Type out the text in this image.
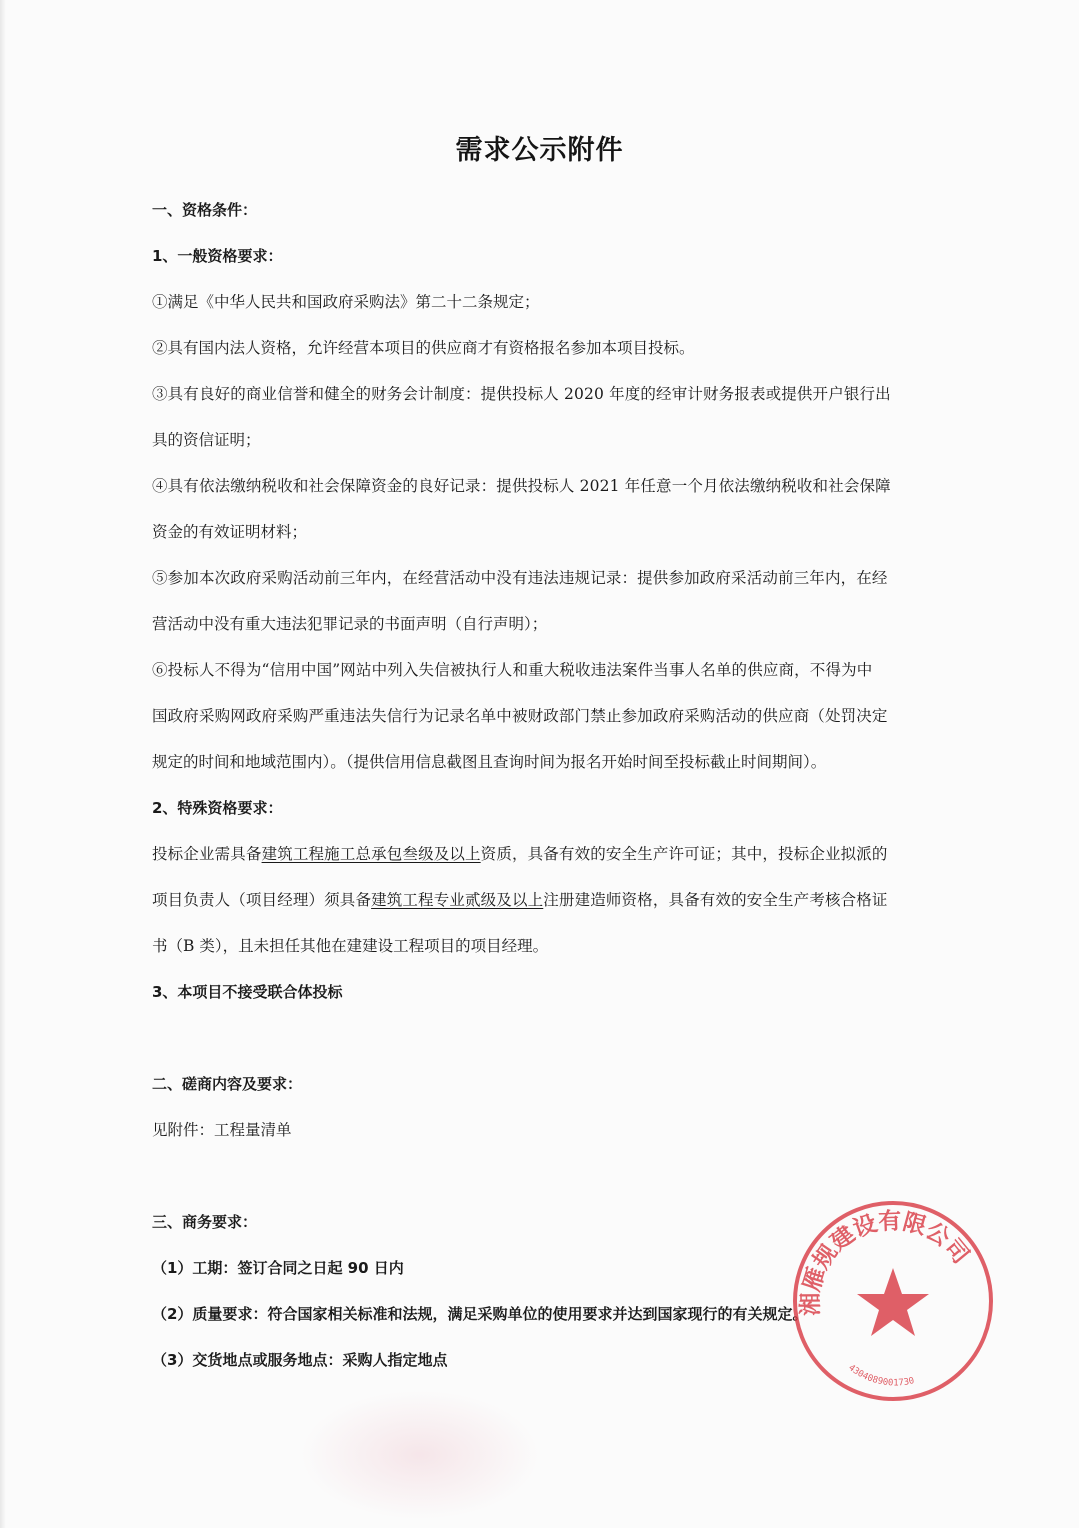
需求公示附件
一、资格条件：
1、一般资格要求：
①满足《中华人民共和国政府采购法》第二十二条规定；
②具有国内法人资格，允许经营本项目的供应商才有资格报名参加本项目投标。
③具有良好的商业信誉和健全的财务会计制度：提供投标人 2020 年度的经审计财务报表或提供开户银行出
具的资信证明；
④具有依法缴纳税收和社会保障资金的良好记录：提供投标人 2021 年任意一个月依法缴纳税收和社会保障
资金的有效证明材料；
⑤参加本次政府采购活动前三年内，在经营活动中没有违法违规记录：提供参加政府采活动前三年内，在经
营活动中没有重大违法犯罪记录的书面声明（自行声明）；
⑥投标人不得为“信用中国”网站中列入失信被执行人和重大税收违法案件当事人名单的供应商，不得为中
国政府采购网政府采购严重违法失信行为记录名单中被财政部门禁止参加政府采购活动的供应商（处罚决定
规定的时间和地域范围内）。（提供信用信息截图且查询时间为报名开始时间至投标截止时间期间）。
2、特殊资格要求：
投标企业需具备建筑工程施工总承包叁级及以上资质，具备有效的安全生产许可证；其中，投标企业拟派的
项目负责人（项目经理）须具备建筑工程专业贰级及以上注册建造师资格，具备有效的安全生产考核合格证
书（B 类），且未担任其他在建建设工程项目的项目经理。
3、本项目不接受联合体投标
二、磋商内容及要求：
见附件：工程量清单
三、商务要求：
（1）工期：签订合同之日起 90 日内
（2）质量要求：符合国家相关标准和法规，满足采购单位的使用要求并达到国家现行的有关规定。
（3）交货地点或服务地点：采购人指定地点
湘雁规建设有限公司
4304089001730
